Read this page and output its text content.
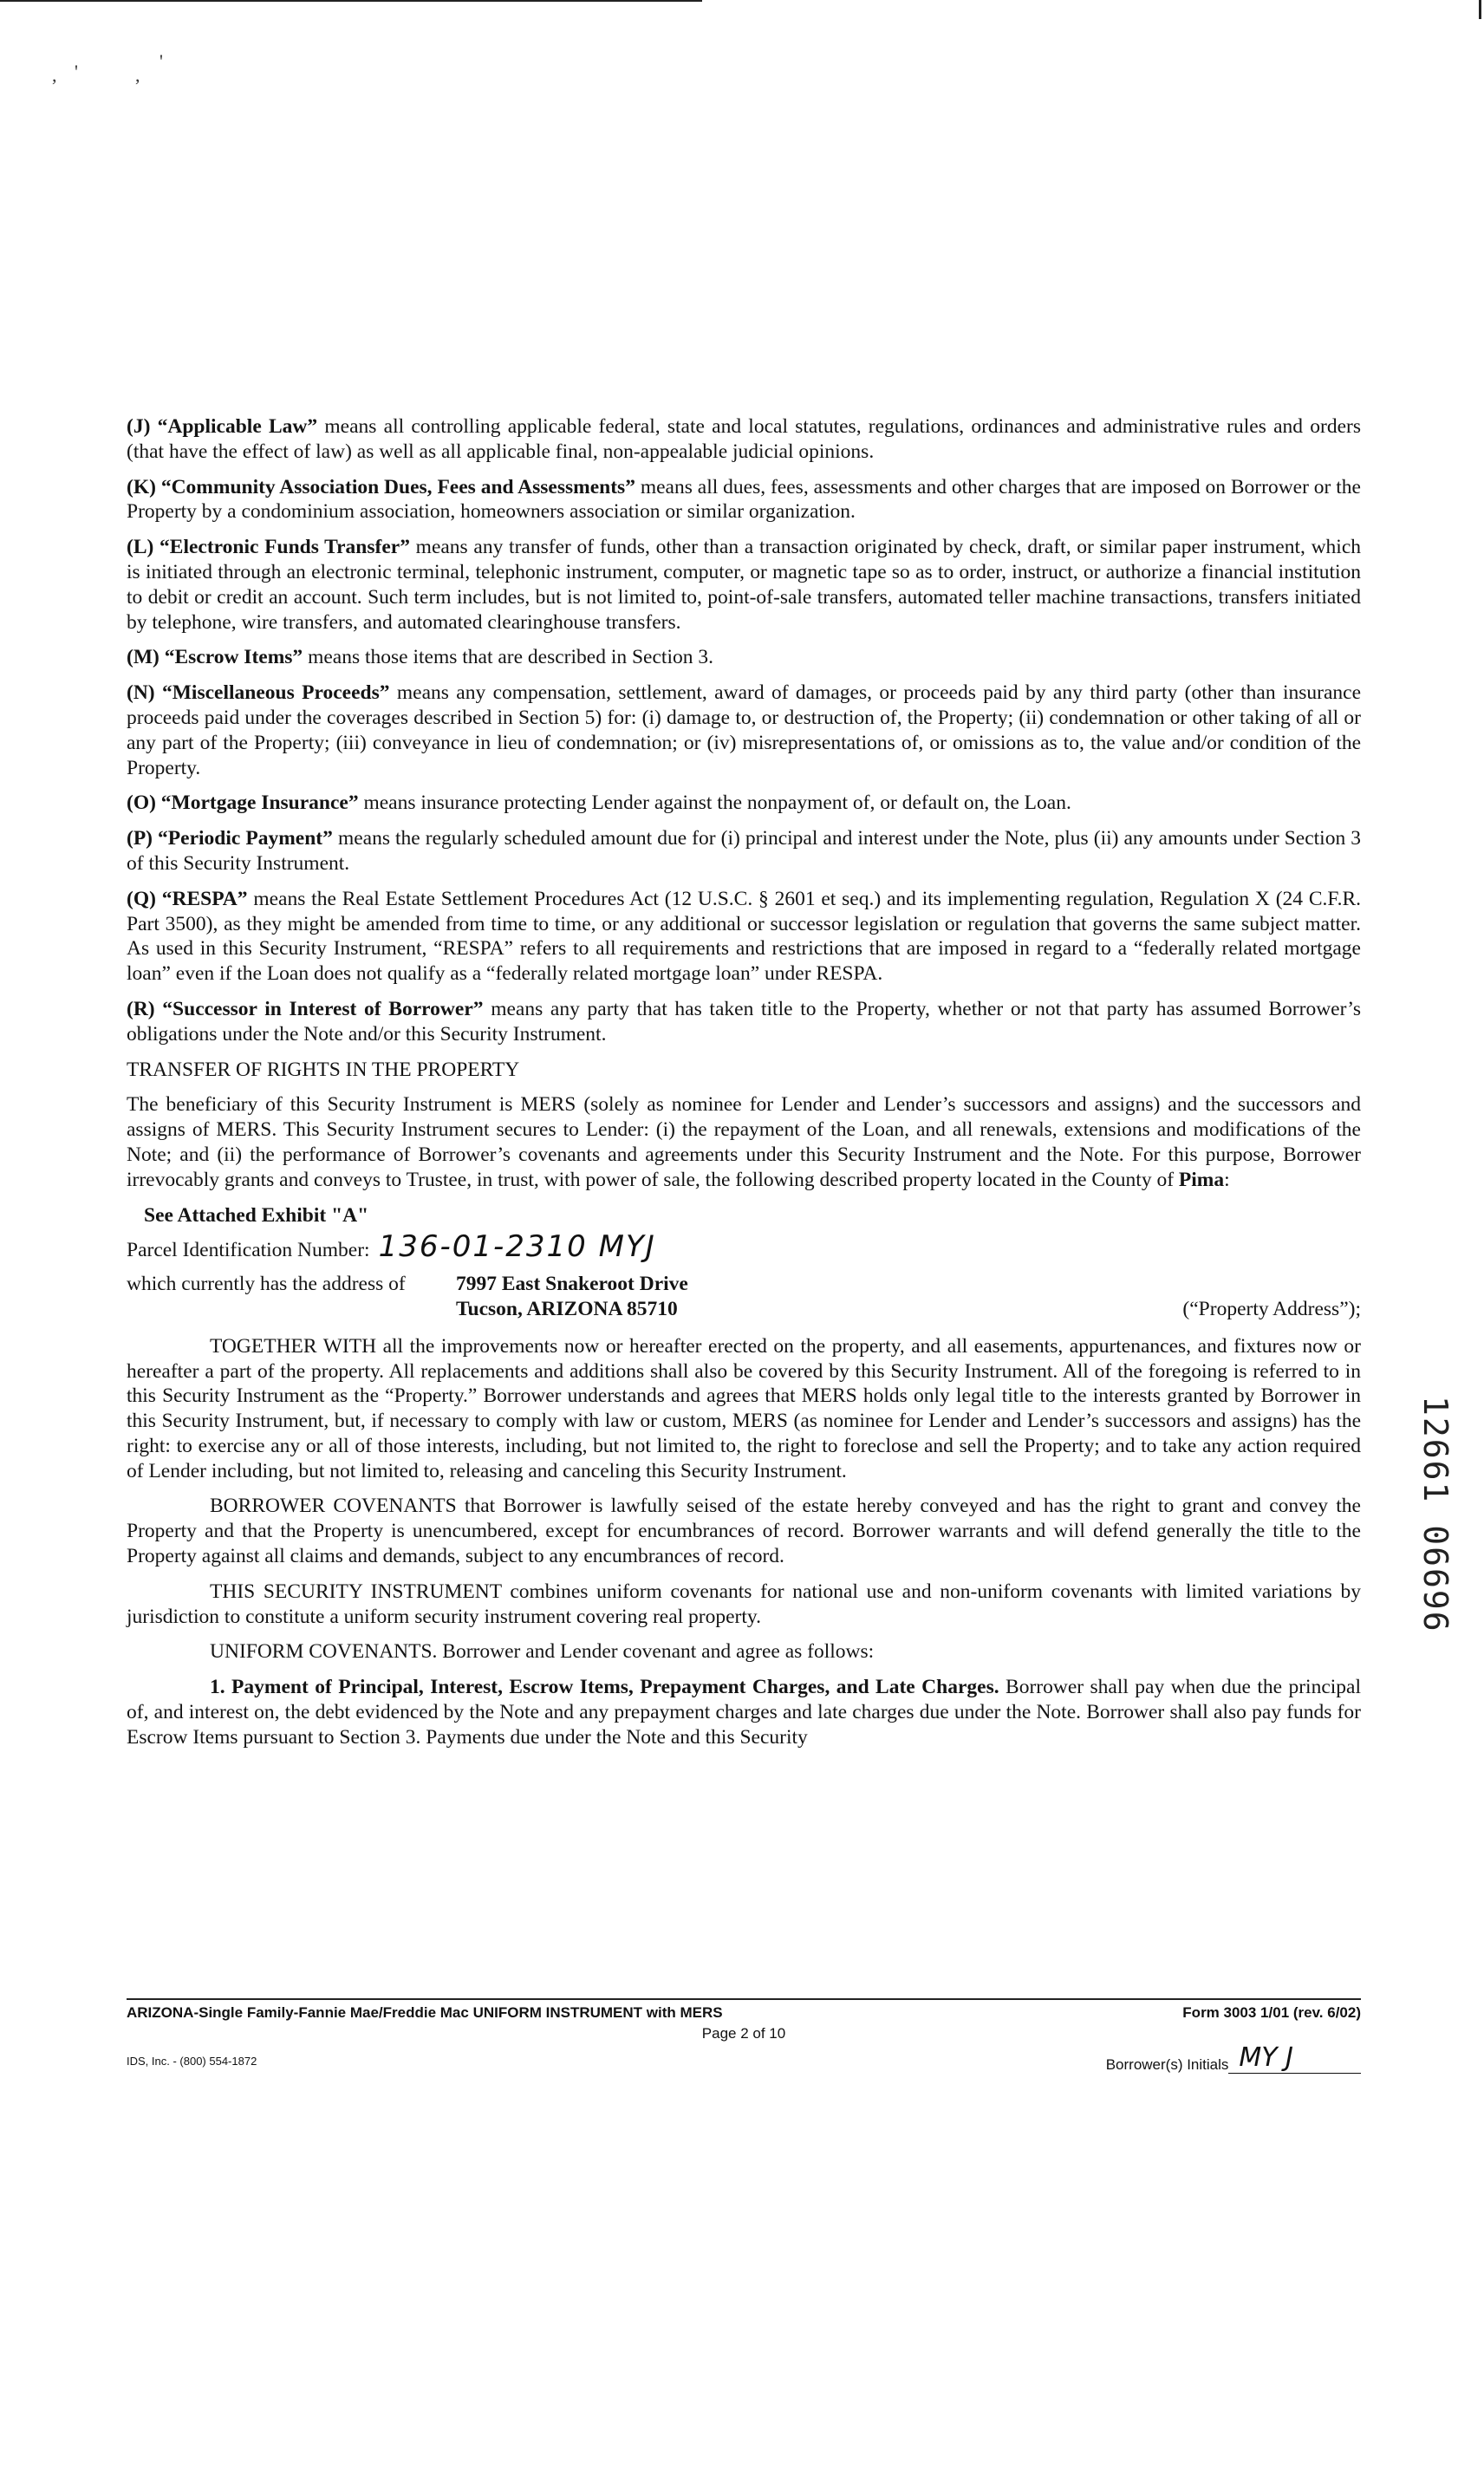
, '	,
'

(J) “Applicable Law” means all controlling applicable federal, state and local statutes, regulations, ordinances and administrative rules and orders (that have the effect of law) as well as all applicable final, non-appealable judicial opinions.

(K) “Community Association Dues, Fees and Assessments” means all dues, fees, assessments and other charges that are imposed on Borrower or the Property by a condominium association, homeowners association or similar organization.

(L) “Electronic Funds Transfer” means any transfer of funds, other than a transaction originated by check, draft, or similar paper instrument, which is initiated through an electronic terminal, telephonic instrument, computer, or magnetic tape so as to order, instruct, or authorize a financial institution to debit or credit an account. Such term includes, but is not limited to, point-of-sale transfers, automated teller machine transactions, transfers initiated by telephone, wire transfers, and automated clearinghouse transfers.

(M) “Escrow Items” means those items that are described in Section 3.

(N) “Miscellaneous Proceeds” means any compensation, settlement, award of damages, or proceeds paid by any third party (other than insurance proceeds paid under the coverages described in Section 5) for: (i) damage to, or destruction of, the Property; (ii) condemnation or other taking of all or any part of the Property; (iii) conveyance in lieu of condemnation; or (iv) misrepresentations of, or omissions as to, the value and/or condition of the Property.

(O) “Mortgage Insurance” means insurance protecting Lender against the nonpayment of, or default on, the Loan.

(P) “Periodic Payment” means the regularly scheduled amount due for (i) principal and interest under the Note, plus (ii) any amounts under Section 3 of this Security Instrument.

(Q) “RESPA” means the Real Estate Settlement Procedures Act (12 U.S.C. § 2601 et seq.) and its implementing regulation, Regulation X (24 C.F.R. Part 3500), as they might be amended from time to time, or any additional or successor legislation or regulation that governs the same subject matter. As used in this Security Instrument, “RESPA” refers to all requirements and restrictions that are imposed in regard to a “federally related mortgage loan” even if the Loan does not qualify as a “federally related mortgage loan” under RESPA.

(R) “Successor in Interest of Borrower” means any party that has taken title to the Property, whether or not that party has assumed Borrower’s obligations under the Note and/or this Security Instrument.

TRANSFER OF RIGHTS IN THE PROPERTY

The beneficiary of this Security Instrument is MERS (solely as nominee for Lender and Lender’s successors and assigns) and the successors and assigns of MERS. This Security Instrument secures to Lender: (i) the repayment of the Loan, and all renewals, extensions and modifications of the Note; and (ii) the performance of Borrower’s covenants and agreements under this Security Instrument and the Note. For this purpose, Borrower irrevocably grants and conveys to Trustee, in trust, with power of sale, the following described property located in the County of Pima:

See Attached Exhibit "A"
Parcel Identification Number: 136-01-2310 MYJ
which currently has the address of	7997 East Snakeroot Drive
Tucson, ARIZONA 85710	(“Property Address”);

TOGETHER WITH all the improvements now or hereafter erected on the property, and all easements, appurtenances, and fixtures now or hereafter a part of the property. All replacements and additions shall also be covered by this Security Instrument. All of the foregoing is referred to in this Security Instrument as the “Property.” Borrower understands and agrees that MERS holds only legal title to the interests granted by Borrower in this Security Instrument, but, if necessary to comply with law or custom, MERS (as nominee for Lender and Lender’s successors and assigns) has the right: to exercise any or all of those interests, including, but not limited to, the right to foreclose and sell the Property; and to take any action required of Lender including, but not limited to, releasing and canceling this Security Instrument.

BORROWER COVENANTS that Borrower is lawfully seised of the estate hereby conveyed and has the right to grant and convey the Property and that the Property is unencumbered, except for encumbrances of record. Borrower warrants and will defend generally the title to the Property against all claims and demands, subject to any encumbrances of record.

THIS SECURITY INSTRUMENT combines uniform covenants for national use and non-uniform covenants with limited variations by jurisdiction to constitute a uniform security instrument covering real property.

UNIFORM COVENANTS. Borrower and Lender covenant and agree as follows:

1. Payment of Principal, Interest, Escrow Items, Prepayment Charges, and Late Charges. Borrower shall pay when due the principal of, and interest on, the debt evidenced by the Note and any prepayment charges and late charges due under the Note. Borrower shall also pay funds for Escrow Items pursuant to Section 3. Payments due under the Note and this Security

12661 06696
ARIZONA-Single Family-Fannie Mae/Freddie Mac UNIFORM INSTRUMENT with MERS	Form 3003 1/01 (rev. 6/02)
Page 2 of 10
IDS, Inc. - (800) 554-1872	Borrower(s) Initials MY J
